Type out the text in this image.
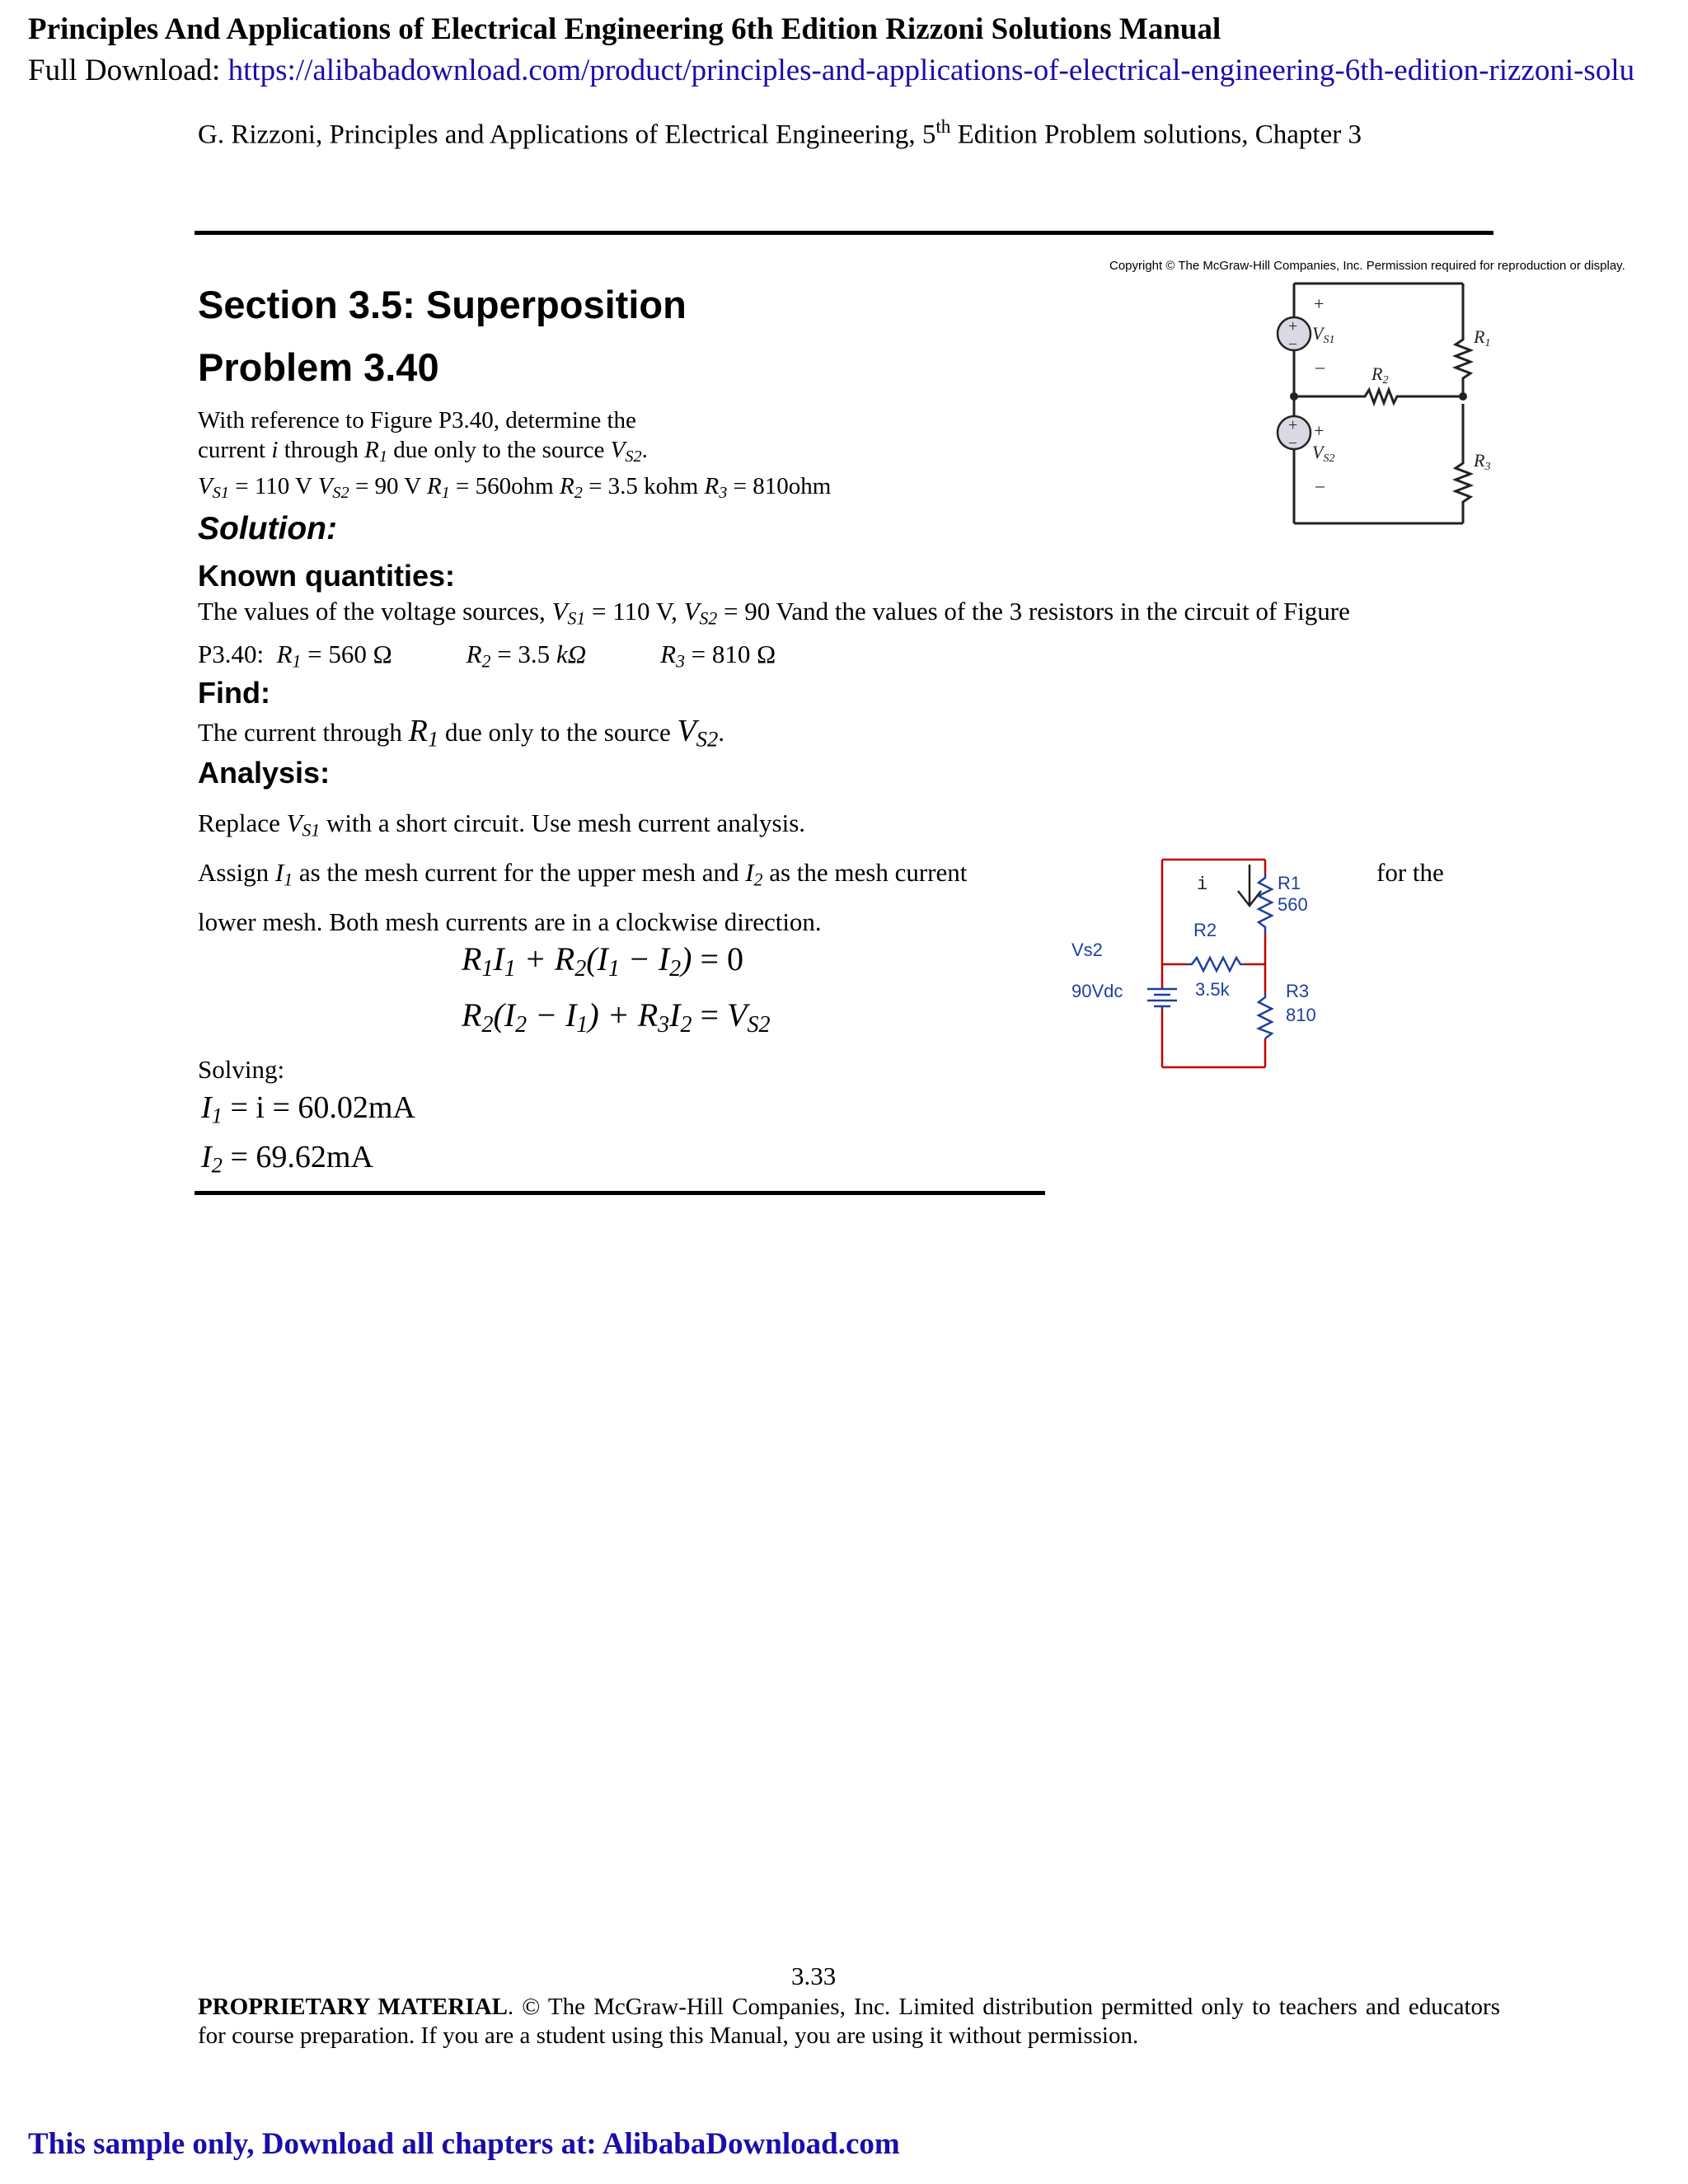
Principles And Applications of Electrical Engineering 6th Edition Rizzoni Solutions Manual
Full Download: https://alibabadownload.com/product/principles-and-applications-of-electrical-engineering-6th-edition-rizzoni-solu
G. Rizzoni, Principles and Applications of Electrical Engineering, 5th Edition Problem solutions, Chapter 3
Section 3.5: Superposition
Problem 3.40
With reference to Figure P3.40, determine the
current i through $R_1$ due only to the source $V_{S2}$.
$V_{S1} = 110$ V $V_{S2} = 90$ V $R_1 = 560ohm$ $R_2 = 3.5$ kohm $R_3 = 810ohm$
Solution:
Known quantities:
The values of the voltage sources, $V_{S1} = 110$ V, $V_{S2} = 90$ Vand the values of the 3 resistors in the circuit of Figure
P3.40: $R_1 = 560$ Ω	$R_2 = 3.5$ kΩ	$R_3 = 810$ Ω
Find:
The current through $R_1$ due only to the source $V_{S2}$.
Analysis:
Replace $V_{S1}$ with a short circuit. Use mesh current analysis.
Assign $I_1$ as the mesh current for the upper mesh and $I_2$ as the mesh current	for the
lower mesh. Both mesh currents are in a clockwise direction.
$R_1I_1 + R_2(I_1 - I_2) = 0$
$R_2(I_2 - I_1) + R_3I_2 = V_{S2}$
Solving:
$I_1 = i = 60.02mA$
$I_2 = 69.62mA$
Copyright © The McGraw-Hill Companies, Inc. Permission required for reproduction or display.
+
–
+
–
+
–
+
–
VS1
VS2
R1
R2
R3
i	R1
560
R2
3.5k	R3
810
Vs2
90Vdc
3.33
PROPRIETARY MATERIAL. © The McGraw-Hill Companies, Inc. Limited distribution permitted only to teachers and educators for course preparation. If you are a student using this Manual, you are using it without permission.
This sample only, Download all chapters at: AlibabaDownload.com
